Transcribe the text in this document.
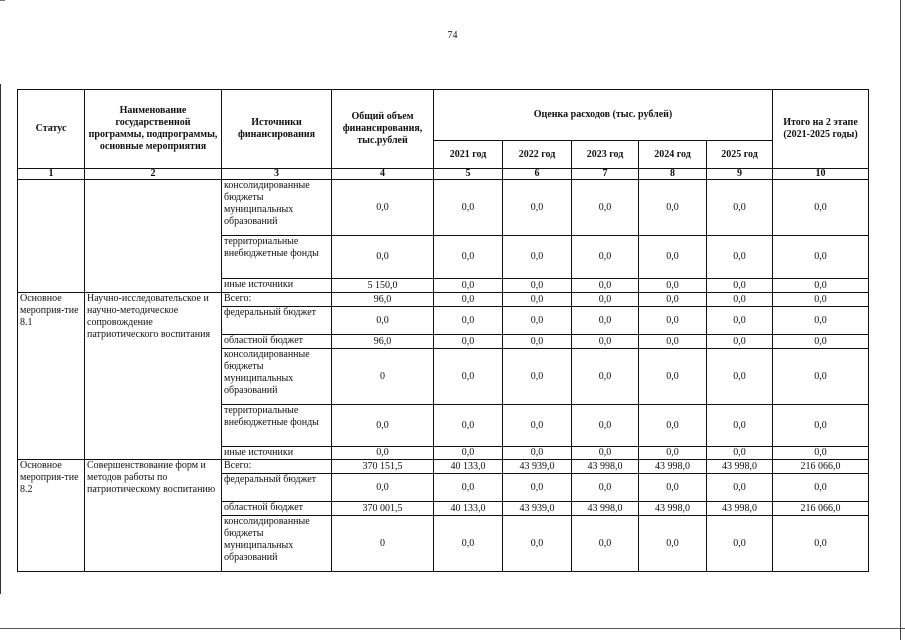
74
Статус	Наименование государственной программы, подпрограммы, основные мероприятия	Источники финансирования	Общий объем финансирования, тыс.рублей	Оценка расходов (тыс. рублей)					Итого на 2 этапе (2021-2025 годы)
				2021 год	2022 год	2023 год	2024 год	2025 год	
1	2	3	4	5	6	7	8	9	10
		консолидированные бюджеты муниципальных образований	0,0	0,0	0,0	0,0	0,0	0,0	0,0
		территориальные внебюджетные фонды	0,0	0,0	0,0	0,0	0,0	0,0	0,0
		иные источники	5 150,0	0,0	0,0	0,0	0,0	0,0	0,0
Основное мероприя-тие 8.1	Научно-исследовательское и научно-методическое сопровождение патриотического воспитания	Всего:	96,0	0,0	0,0	0,0	0,0	0,0	0,0
		федеральный бюджет	0,0	0,0	0,0	0,0	0,0	0,0	0,0
		областной бюджет	96,0	0,0	0,0	0,0	0,0	0,0	0,0
		консолидированные бюджеты муниципальных образований	0	0,0	0,0	0,0	0,0	0,0	0,0
		территориальные внебюджетные фонды	0,0	0,0	0,0	0,0	0,0	0,0	0,0
		иные источники	0,0	0,0	0,0	0,0	0,0	0,0	0,0
Основное мероприя-тие 8.2	Совершенствование форм и методов работы по патриотическому воспитанию	Всего:	370 151,5	40 133,0	43 939,0	43 998,0	43 998,0	43 998,0	216 066,0
		федеральный бюджет	0,0	0,0	0,0	0,0	0,0	0,0	0,0
		областной бюджет	370 001,5	40 133,0	43 939,0	43 998,0	43 998,0	43 998,0	216 066,0
		консолидированные бюджеты муниципальных образований	0	0,0	0,0	0,0	0,0	0,0	0,0
